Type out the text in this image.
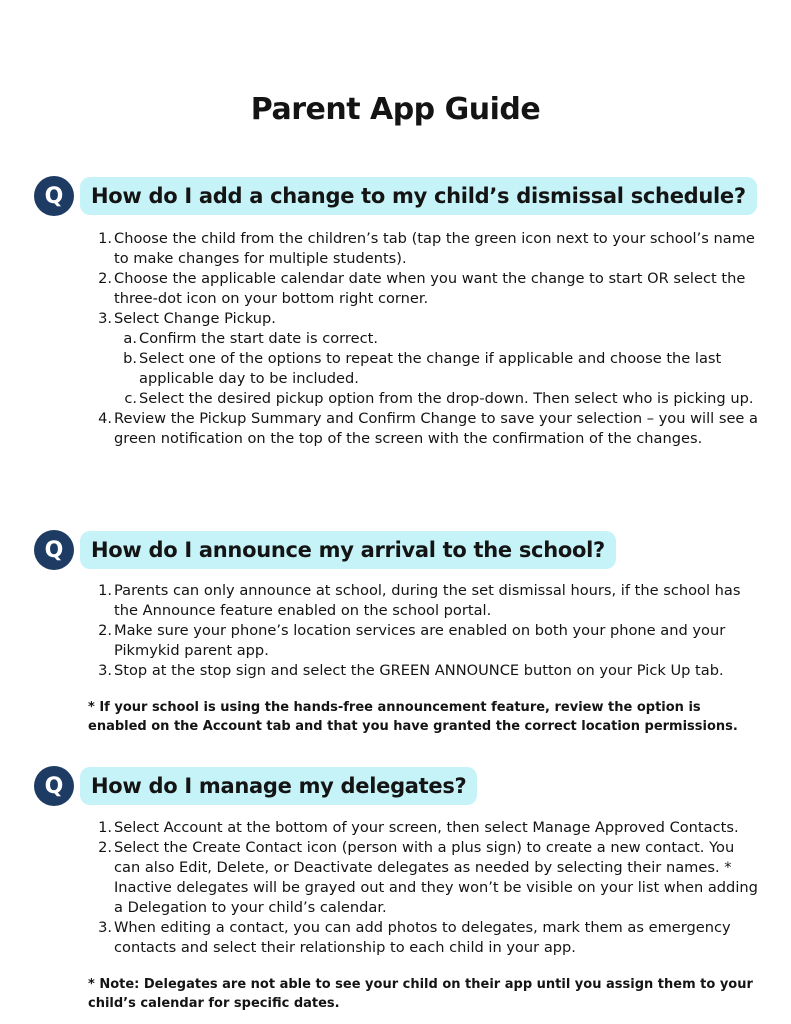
Parent App Guide
Q	How do I add a change to my child’s dismissal schedule?
1. Choose the child from the children’s tab (tap the green icon next to your school’s name to make changes for multiple students).
2. Choose the applicable calendar date when you want the change to start OR select the three-dot icon on your bottom right corner.
3. Select Change Pickup.
a. Confirm the start date is correct.
b. Select one of the options to repeat the change if applicable and choose the last applicable day to be included.
c. Select the desired pickup option from the drop-down. Then select who is picking up.
4. Review the Pickup Summary and Confirm Change to save your selection – you will see a green notification on the top of the screen with the confirmation of the changes.
Q	How do I announce my arrival to the school?
1. Parents can only announce at school, during the set dismissal hours, if the school has the Announce feature enabled on the school portal.
2. Make sure your phone’s location services are enabled on both your phone and your Pikmykid parent app.
3. Stop at the stop sign and select the GREEN ANNOUNCE button on your Pick Up tab.

* If your school is using the hands-free announcement feature, review the option is enabled on the Account tab and that you have granted the correct location permissions.

Q	How do I manage my delegates?
1. Select Account at the bottom of your screen, then select Manage Approved Contacts.
2. Select the Create Contact icon (person with a plus sign) to create a new contact. You can also Edit, Delete, or Deactivate delegates as needed by selecting their names. * Inactive delegates will be grayed out and they won’t be visible on your list when adding a Delegation to your child’s calendar.
3. When editing a contact, you can add photos to delegates, mark them as emergency contacts and select their relationship to each child in your app.

* Note: Delegates are not able to see your child on their app until you assign them to your child’s calendar for specific dates.
